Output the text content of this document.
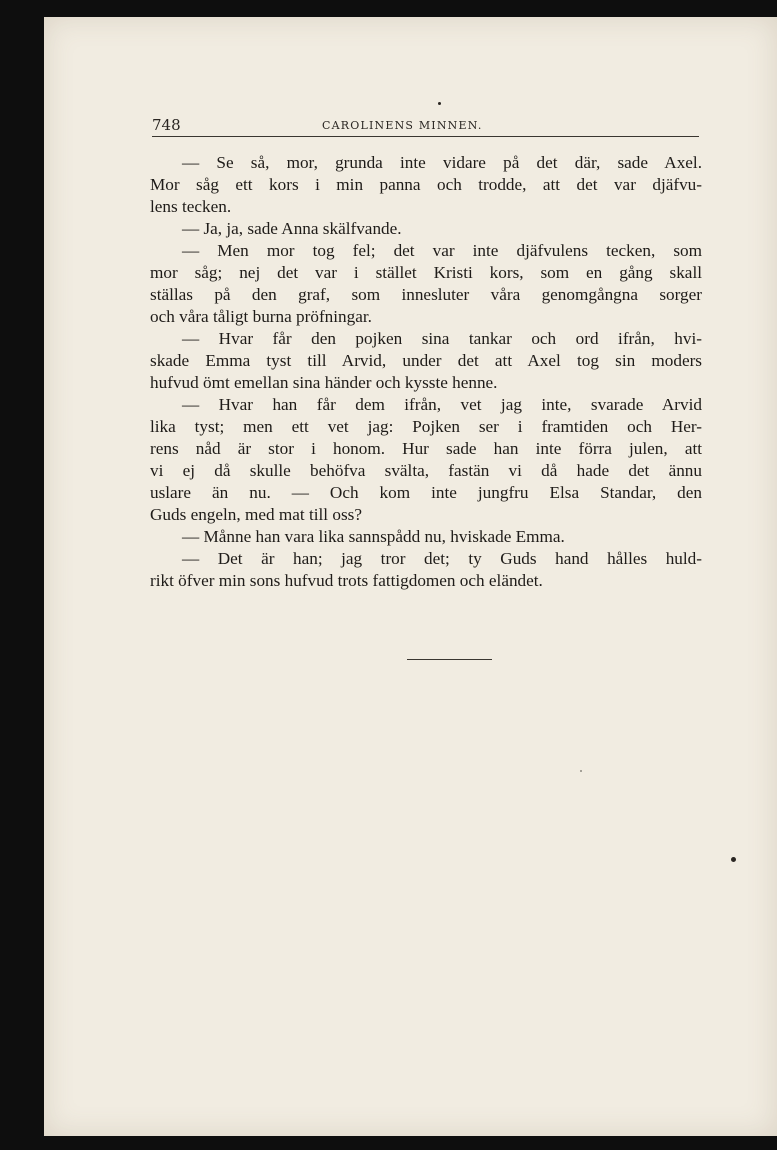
748	CAROLINENS MINNEN.
— Se så, mor, grunda inte vidare på det där, sade Axel.
Mor såg ett kors i min panna och trodde, att det var djäfvu-
lens tecken.
— Ja, ja, sade Anna skälfvande.
— Men mor tog fel; det var inte djäfvulens tecken, som
mor såg; nej det var i stället Kristi kors, som en gång skall
ställas på den graf, som innesluter våra genomgångna sorger
och våra tåligt burna pröfningar.
— Hvar får den pojken sina tankar och ord ifrån, hvi-
skade Emma tyst till Arvid, under det att Axel tog sin moders
hufvud ömt emellan sina händer och kysste henne.
— Hvar han får dem ifrån, vet jag inte, svarade Arvid
lika tyst; men ett vet jag: Pojken ser i framtiden och Her-
rens nåd är stor i honom. Hur sade han inte förra julen, att
vi ej då skulle behöfva svälta, fastän vi då hade det ännu
uslare än nu. — Och kom inte jungfru Elsa Standar, den
Guds engeln, med mat till oss?
— Månne han vara lika sannspådd nu, hviskade Emma.
— Det är han; jag tror det; ty Guds hand hålles huld-
rikt öfver min sons hufvud trots fattigdomen och eländet.
